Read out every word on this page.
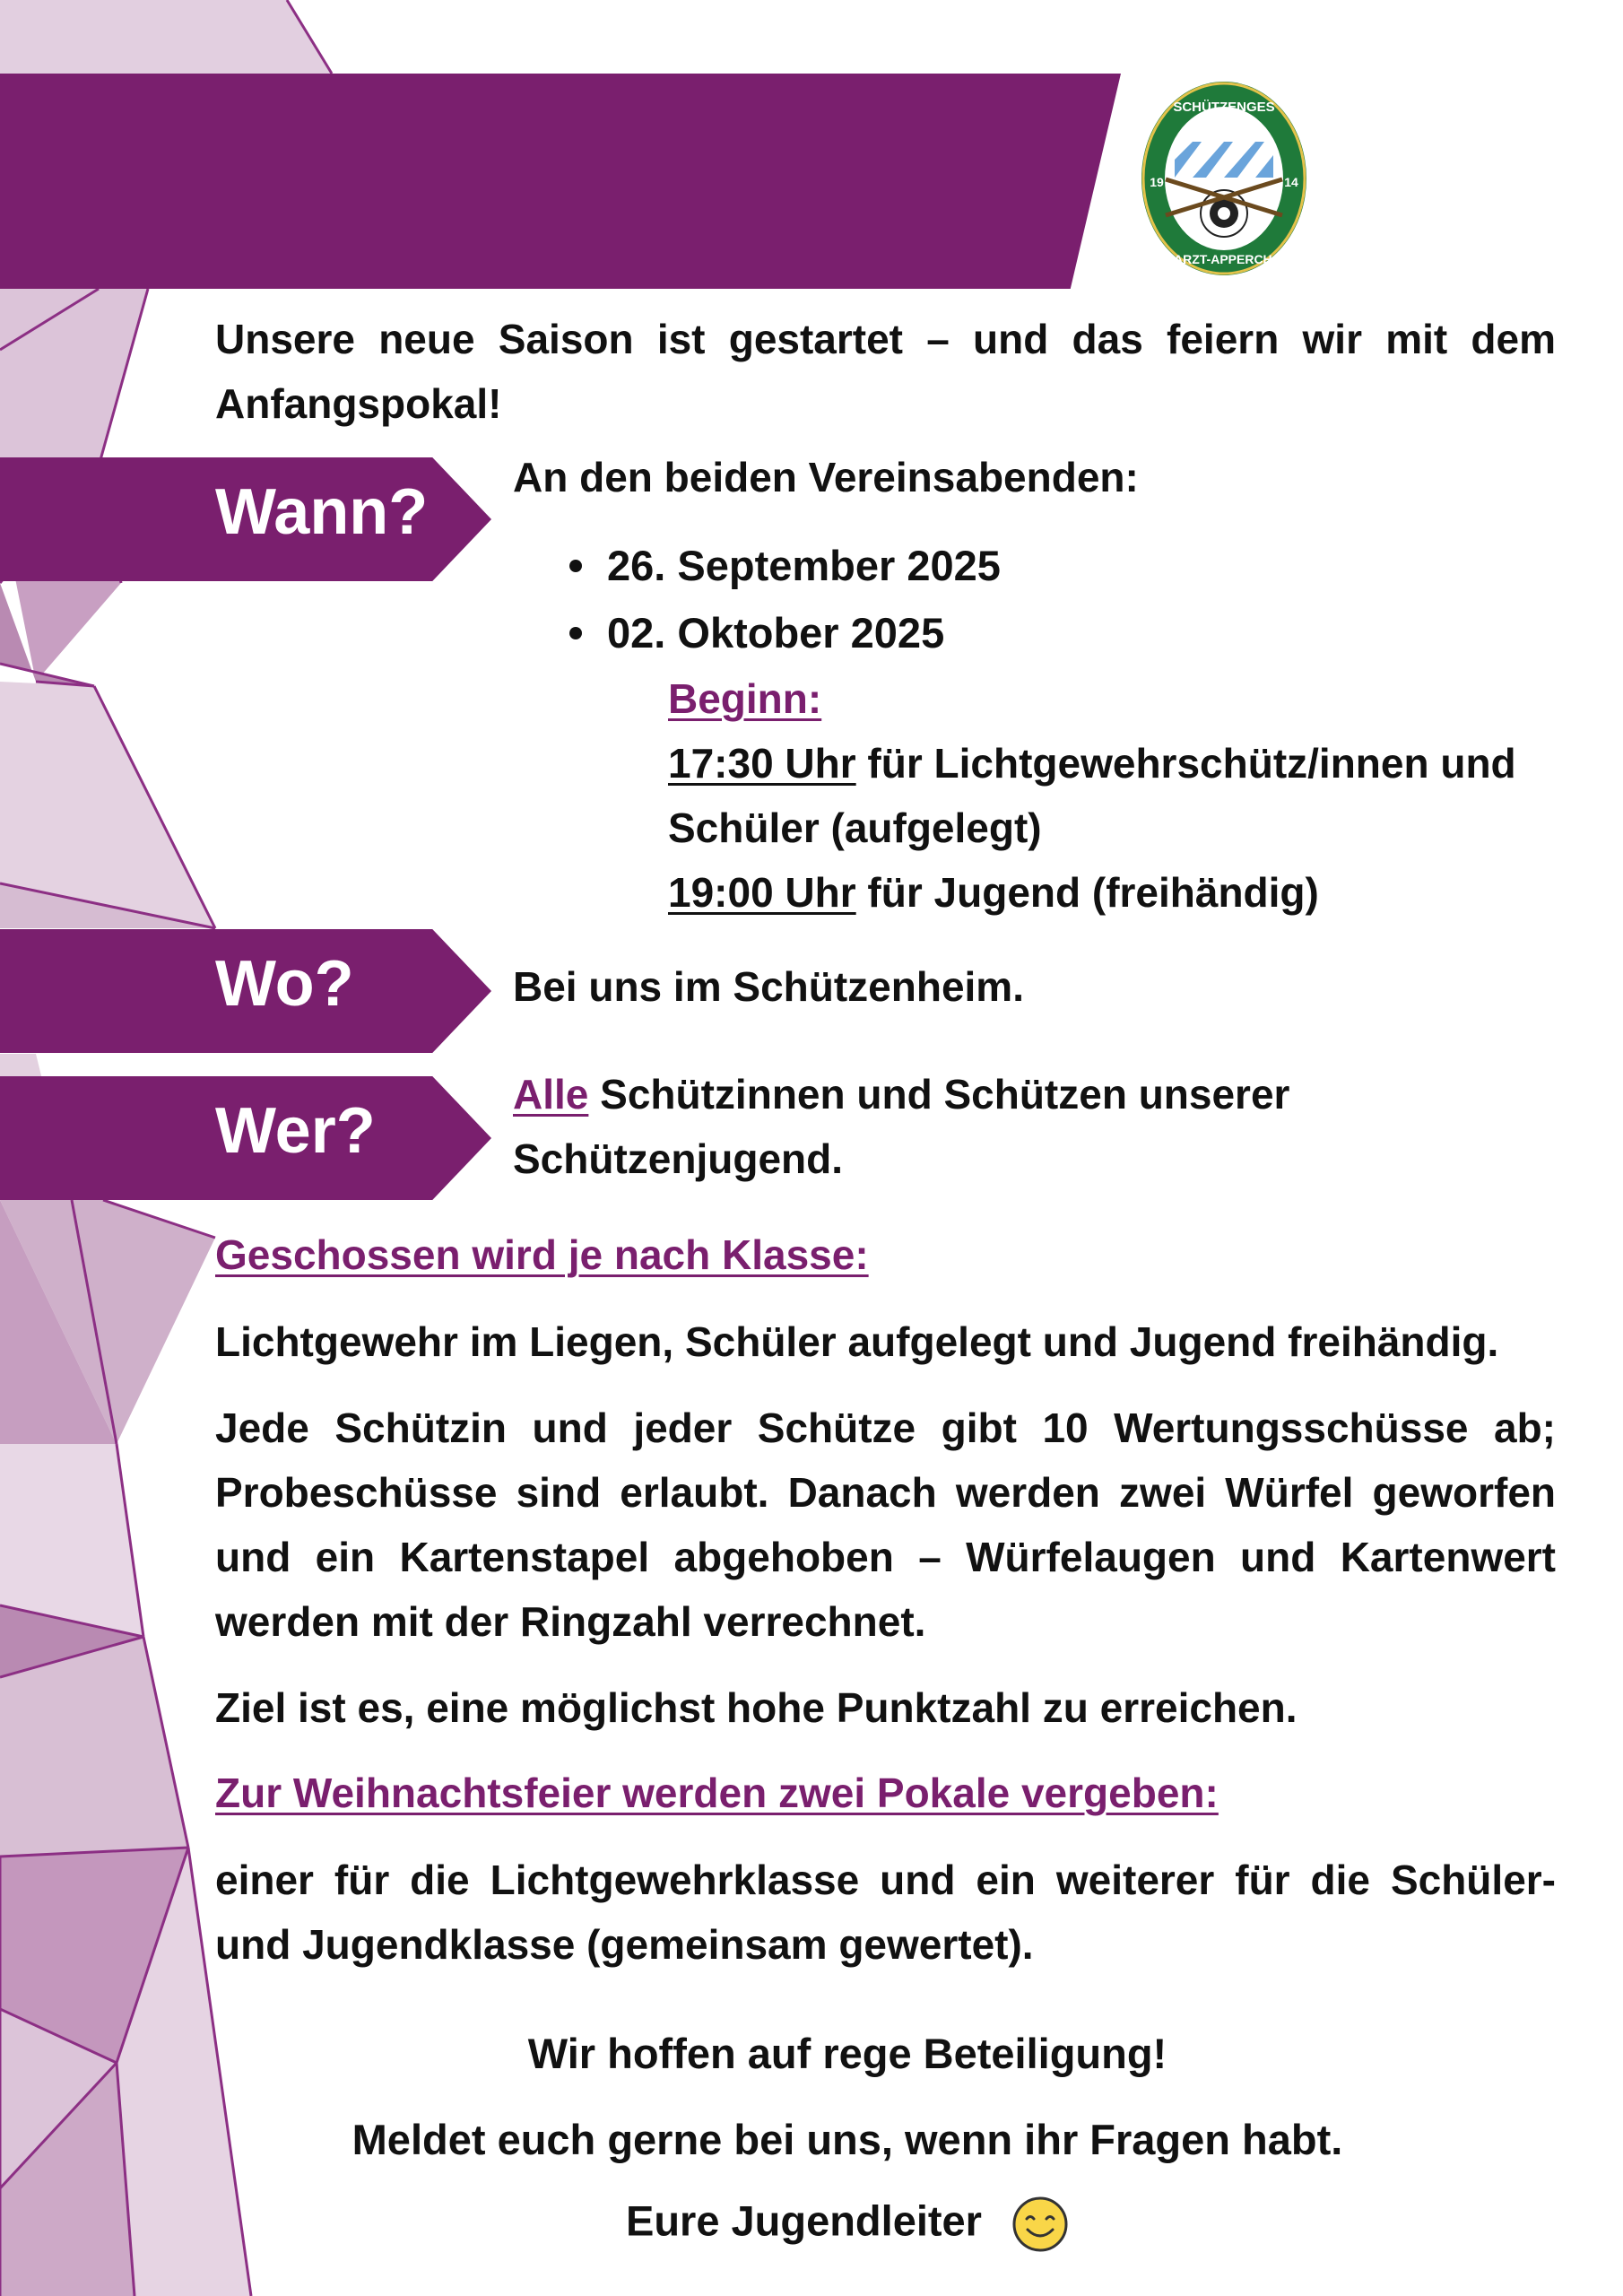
SCHÜTZENGES
JARZT-APPERCHA
19	14
Unsere neue Saison ist gestartet – und das feiern wir mit dem Anfangspokal!
Wann? An den beiden Vereinsabenden:
26. September 2025
02. Oktober 2025
Beginn:
17:30 Uhr für Lichtgewehrschütz/innen und
Schüler (aufgelegt)
19:00 Uhr für Jugend (freihändig)
Wo?	Bei uns im Schützenheim.
Wer?
Alle Schützinnen und Schützen unserer
Schützenjugend.
Geschossen wird je nach Klasse:
Lichtgewehr im Liegen, Schüler aufgelegt und Jugend freihändig.
Jede Schützin und jeder Schütze gibt 10 Wertungsschüsse ab; Probeschüsse sind erlaubt. Danach werden zwei Würfel geworfen und ein Kartenstapel abgehoben – Würfelaugen und Kartenwert werden mit der Ringzahl verrechnet.
Ziel ist es, eine möglichst hohe Punktzahl zu erreichen.
Zur Weihnachtsfeier werden zwei Pokale vergeben:
einer für die Lichtgewehrklasse und ein weiterer für die Schüler- und Jugendklasse (gemeinsam gewertet).
Wir hoffen auf rege Beteiligung!
Meldet euch gerne bei uns, wenn ihr Fragen habt.
Eure Jugendleiter
